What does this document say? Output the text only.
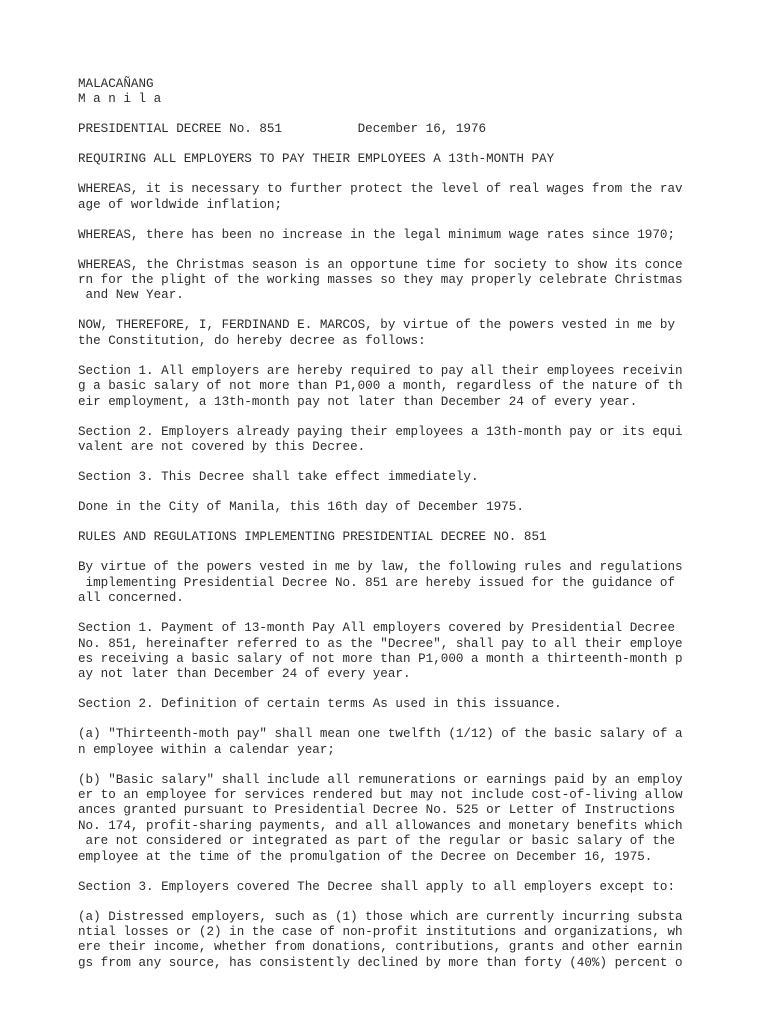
MALACAÑANG
M a n i l a
PRESIDENTIAL DECREE No. 851          December 16, 1976
REQUIRING ALL EMPLOYERS TO PAY THEIR EMPLOYEES A 13th-MONTH PAY
WHEREAS, it is necessary to further protect the level of real wages from the rav
age of worldwide inflation;
WHEREAS, there has been no increase in the legal minimum wage rates since 1970;
WHEREAS, the Christmas season is an opportune time for society to show its conce
rn for the plight of the working masses so they may properly celebrate Christmas
and New Year.
NOW, THEREFORE, I, FERDINAND E. MARCOS, by virtue of the powers vested in me by
the Constitution, do hereby decree as follows:
Section 1. All employers are hereby required to pay all their employees receivin
g a basic salary of not more than P1,000 a month, regardless of the nature of th
eir employment, a 13th-month pay not later than December 24 of every year.
Section 2. Employers already paying their employees a 13th-month pay or its equi
valent are not covered by this Decree.
Section 3. This Decree shall take effect immediately.
Done in the City of Manila, this 16th day of December 1975.
RULES AND REGULATIONS IMPLEMENTING PRESIDENTIAL DECREE NO. 851
By virtue of the powers vested in me by law, the following rules and regulations
implementing Presidential Decree No. 851 are hereby issued for the guidance of
all concerned.
Section 1. Payment of 13-month Pay All employers covered by Presidential Decree
No. 851, hereinafter referred to as the "Decree", shall pay to all their employe
es receiving a basic salary of not more than P1,000 a month a thirteenth-month p
ay not later than December 24 of every year.
Section 2. Definition of certain terms As used in this issuance.
(a) "Thirteenth-moth pay" shall mean one twelfth (1/12) of the basic salary of a
n employee within a calendar year;
(b) "Basic salary" shall include all remunerations or earnings paid by an employ
er to an employee for services rendered but may not include cost-of-living allow
ances granted pursuant to Presidential Decree No. 525 or Letter of Instructions
No. 174, profit-sharing payments, and all allowances and monetary benefits which
are not considered or integrated as part of the regular or basic salary of the
employee at the time of the promulgation of the Decree on December 16, 1975.
Section 3. Employers covered The Decree shall apply to all employers except to:
(a) Distressed employers, such as (1) those which are currently incurring substa
ntial losses or (2) in the case of non-profit institutions and organizations, wh
ere their income, whether from donations, contributions, grants and other earnin
gs from any source, has consistently declined by more than forty (40%) percent o
